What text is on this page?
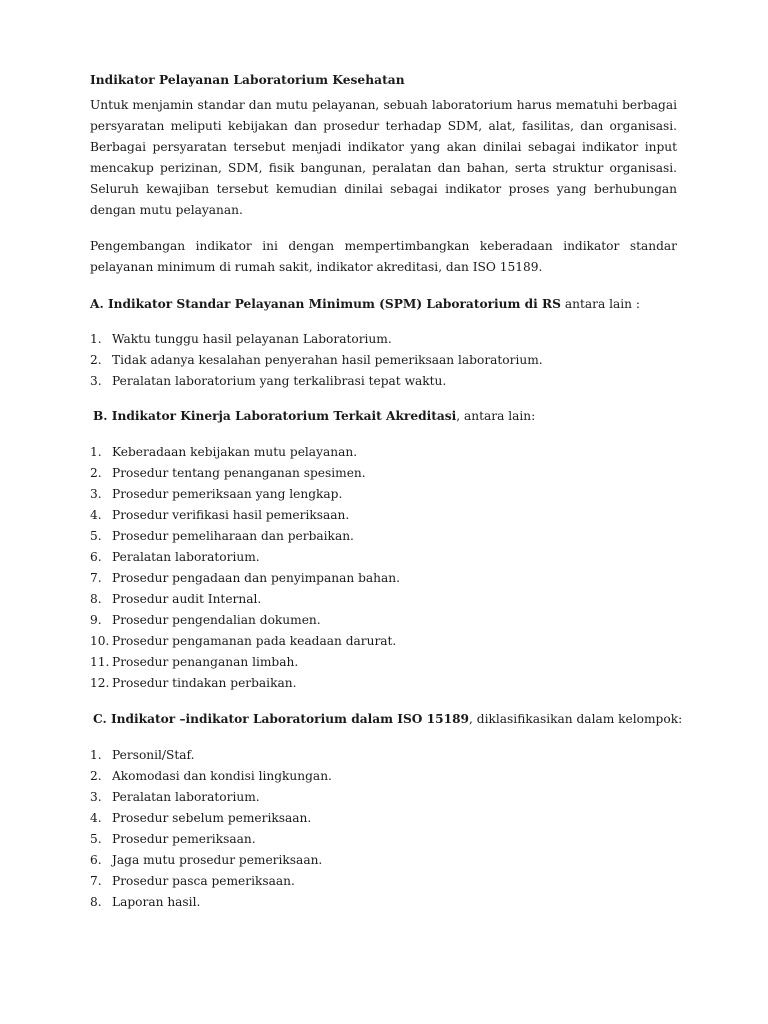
Indikator Pelayanan Laboratorium Kesehatan
Untuk menjamin standar dan mutu pelayanan, sebuah laboratorium harus mematuhi berbagai persyaratan meliputi kebijakan dan prosedur terhadap SDM, alat, fasilitas, dan organisasi. Berbagai persyaratan tersebut menjadi indikator yang akan dinilai sebagai indikator input mencakup perizinan, SDM, fisik bangunan, peralatan dan bahan, serta struktur organisasi. Seluruh kewajiban tersebut kemudian dinilai sebagai indikator proses yang berhubungan dengan mutu pelayanan.
Pengembangan indikator ini dengan mempertimbangkan keberadaan indikator standar pelayanan minimum di rumah sakit, indikator akreditasi, dan ISO 15189.
A. Indikator Standar Pelayanan Minimum (SPM) Laboratorium di RS antara lain :
1. Waktu tunggu hasil pelayanan Laboratorium.
2. Tidak adanya kesalahan penyerahan hasil pemeriksaan laboratorium.
3. Peralatan laboratorium yang terkalibrasi tepat waktu.
B. Indikator Kinerja Laboratorium Terkait Akreditasi, antara lain:
1. Keberadaan kebijakan mutu pelayanan.
2. Prosedur tentang penanganan spesimen.
3. Prosedur pemeriksaan yang lengkap.
4. Prosedur verifikasi hasil pemeriksaan.
5. Prosedur pemeliharaan dan perbaikan.
6. Peralatan laboratorium.
7. Prosedur pengadaan dan penyimpanan bahan.
8. Prosedur audit Internal.
9. Prosedur pengendalian dokumen.
10. Prosedur pengamanan pada keadaan darurat.
11. Prosedur penanganan limbah.
12. Prosedur tindakan perbaikan.
C. Indikator –indikator Laboratorium dalam ISO 15189, diklasifikasikan dalam kelompok:
1. Personil/Staf.
2. Akomodasi dan kondisi lingkungan.
3. Peralatan laboratorium.
4. Prosedur sebelum pemeriksaan.
5. Prosedur pemeriksaan.
6. Jaga mutu prosedur pemeriksaan.
7. Prosedur pasca pemeriksaan.
8. Laporan hasil.
